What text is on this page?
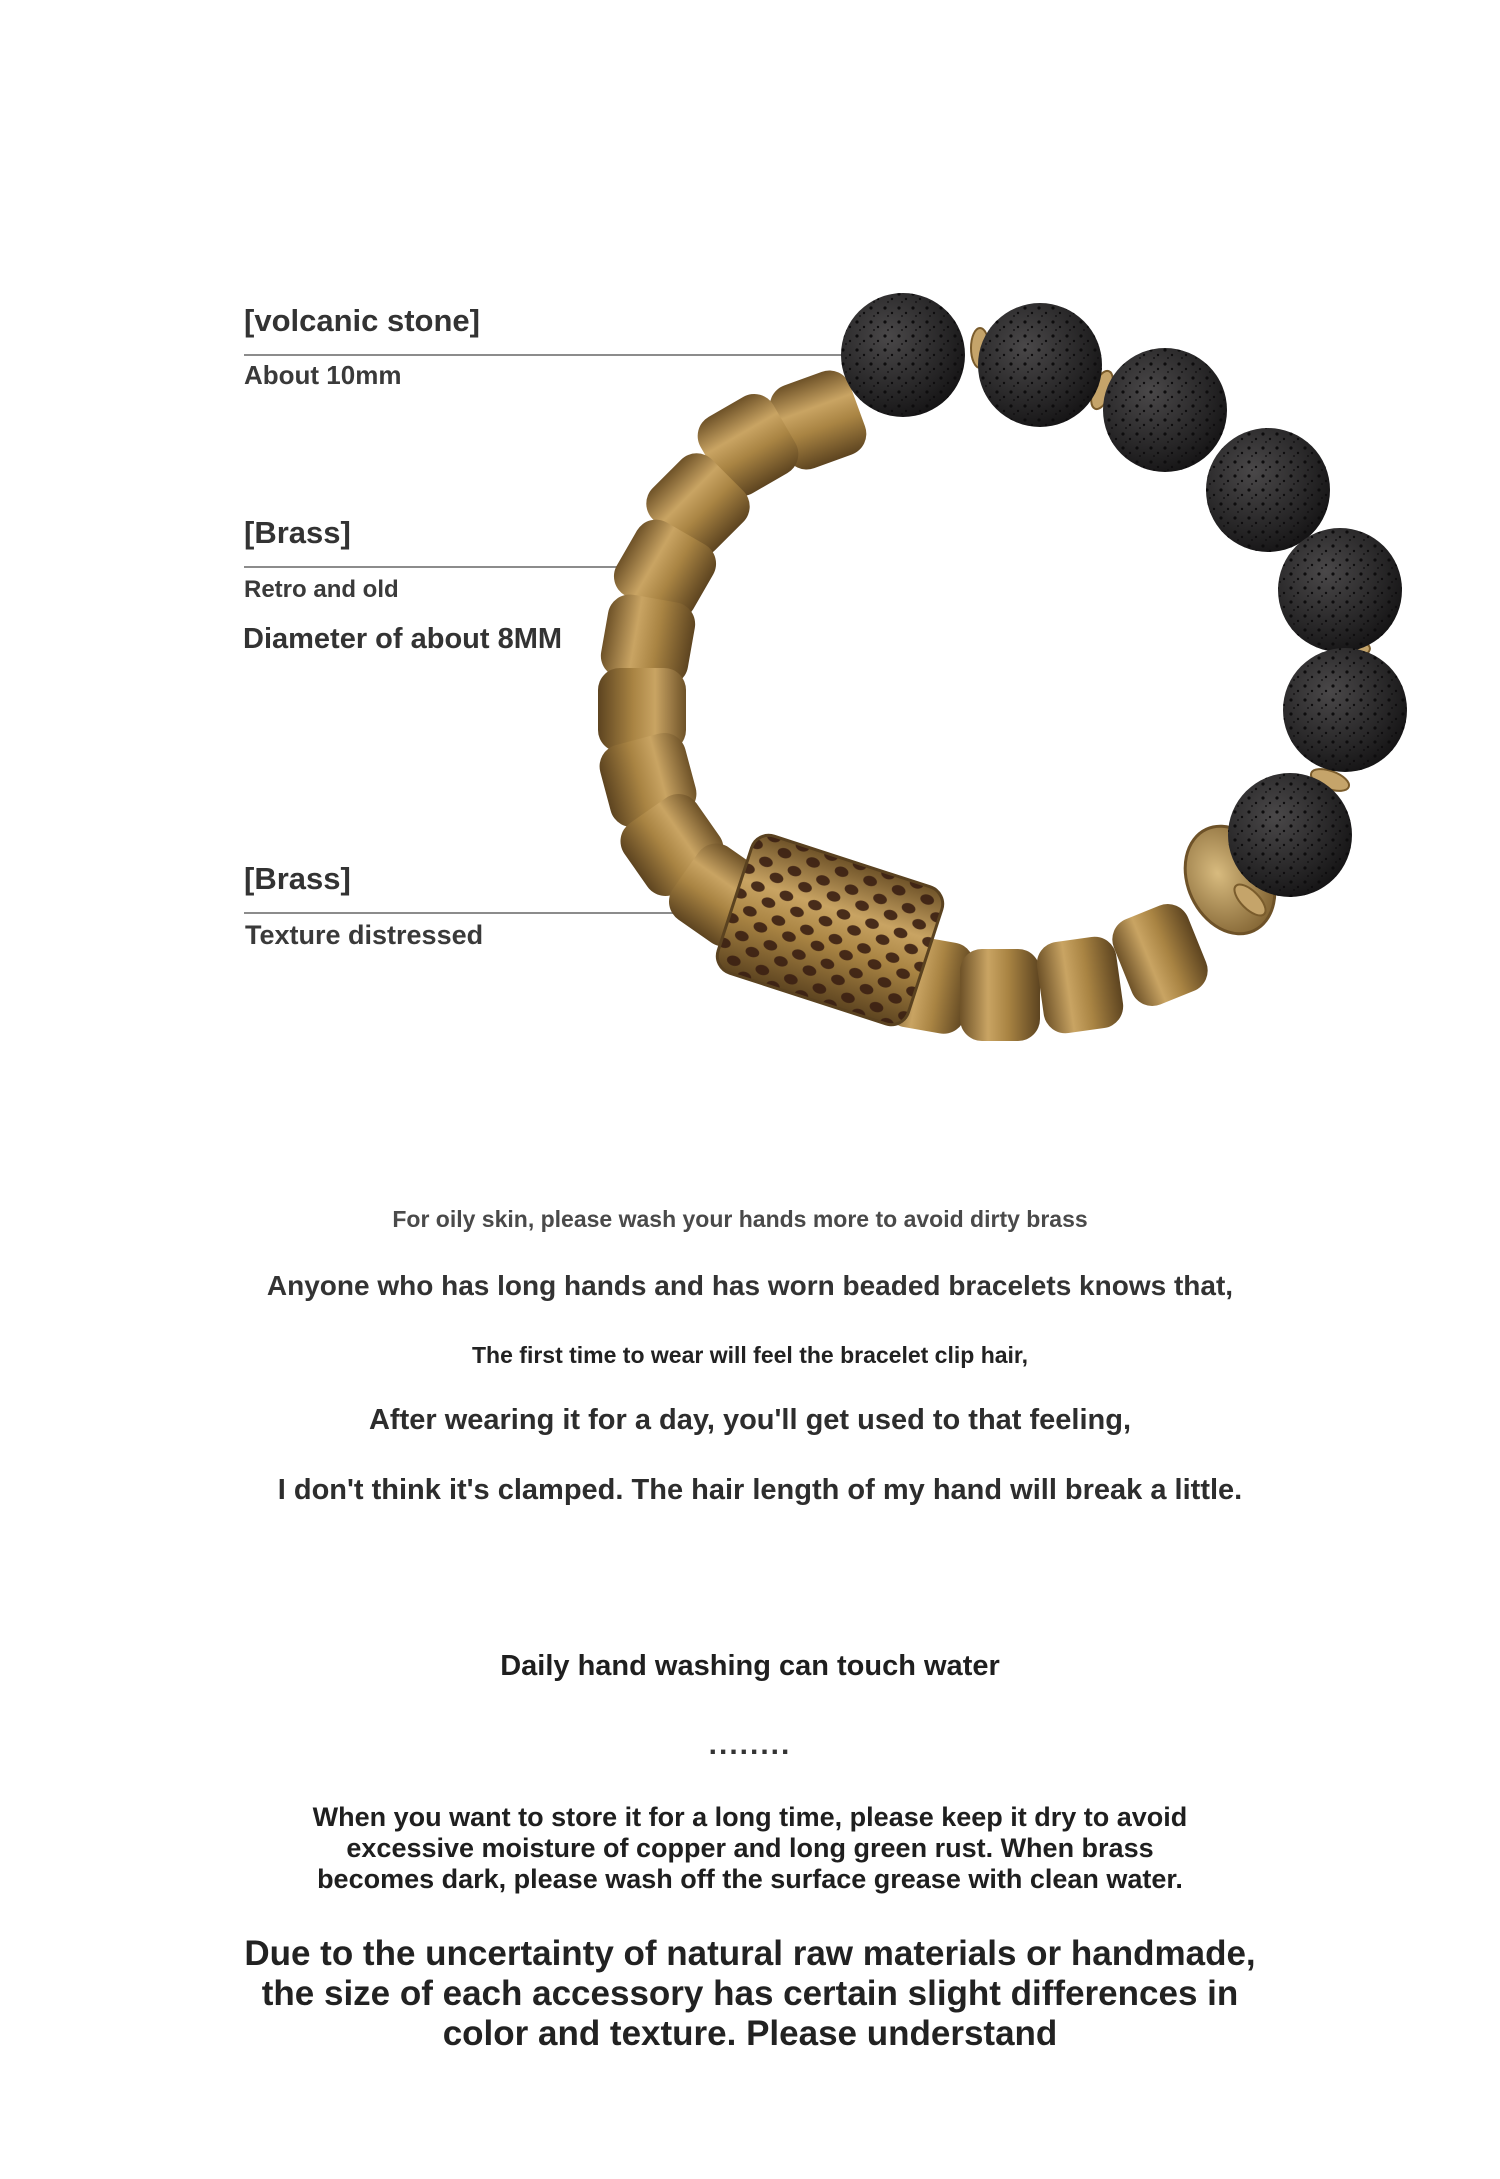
[volcanic stone]
About 10mm
[Brass]
Retro and old
Diameter of about 8MM
[Brass]
Texture distressed
For oily skin, please wash your hands more to avoid dirty brass
Anyone who has long hands and has worn beaded bracelets knows that,
The first time to wear will feel the bracelet clip hair,
After wearing it for a day, you'll get used to that feeling,
I don't think it's clamped. The hair length of my hand will break a little.
Daily hand washing can touch water
........
When you want to store it for a long time, please keep it dry to avoid
excessive moisture of copper and long green rust. When brass
becomes dark, please wash off the surface grease with clean water.
Due to the uncertainty of natural raw materials or handmade,
the size of each accessory has certain slight differences in
color and texture. Please understand
